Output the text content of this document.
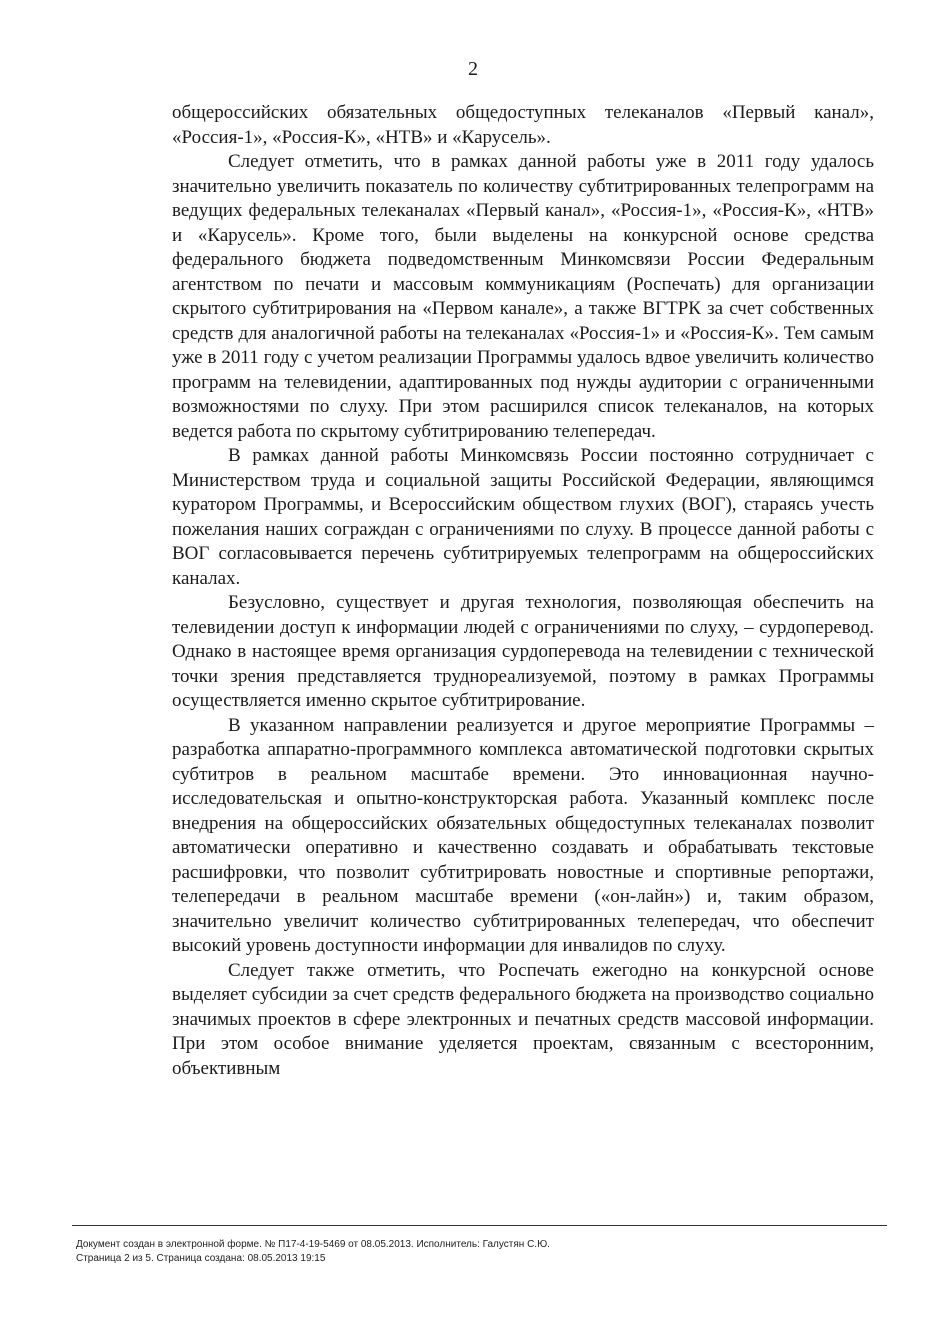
2

общероссийских обязательных общедоступных телеканалов «Первый канал», «Россия-1», «Россия-К», «НТВ» и «Карусель».

Следует отметить, что в рамках данной работы уже в 2011 году удалось значительно увеличить показатель по количеству субтитрированных телепрограмм на ведущих федеральных телеканалах «Первый канал», «Россия-1», «Россия-К», «НТВ» и «Карусель». Кроме того, были выделены на конкурсной основе средства федерального бюджета подведомственным Минкомсвязи России Федеральным агентством по печати и массовым коммуникациям (Роспечать) для организации скрытого субтитрирования на «Первом канале», а также ВГТРК за счет собственных средств для аналогичной работы на телеканалах «Россия-1» и «Россия-К». Тем самым уже в 2011 году с учетом реализации Программы удалось вдвое увеличить количество программ на телевидении, адаптированных под нужды аудитории с ограниченными возможностями по слуху. При этом расширился список телеканалов, на которых ведется работа по скрытому субтитрированию телепередач.

В рамках данной работы Минкомсвязь России постоянно сотрудничает с Министерством труда и социальной защиты Российской Федерации, являющимся куратором Программы, и Всероссийским обществом глухих (ВОГ), стараясь учесть пожелания наших сограждан с ограничениями по слуху. В процессе данной работы с ВОГ согласовывается перечень субтитрируемых телепрограмм на общероссийских каналах.

Безусловно, существует и другая технология, позволяющая обеспечить на телевидении доступ к информации людей с ограничениями по слуху, – сурдоперевод. Однако в настоящее время организация сурдоперевода на телевидении с технической точки зрения представляется труднореализуемой, поэтому в рамках Программы осуществляется именно скрытое субтитрирование.

В указанном направлении реализуется и другое мероприятие Программы – разработка аппаратно-программного комплекса автоматической подготовки скрытых субтитров в реальном масштабе времени. Это инновационная научно-исследовательская и опытно-конструкторская работа. Указанный комплекс после внедрения на общероссийских обязательных общедоступных телеканалах позволит автоматически оперативно и качественно создавать и обрабатывать текстовые расшифровки, что позволит субтитрировать новостные и спортивные репортажи, телепередачи в реальном масштабе времени («он-лайн») и, таким образом, значительно увеличит количество субтитрированных телепередач, что обеспечит высокий уровень доступности информации для инвалидов по слуху.

Следует также отметить, что Роспечать ежегодно на конкурсной основе выделяет субсидии за счет средств федерального бюджета на производство социально значимых проектов в сфере электронных и печатных средств массовой информации. При этом особое внимание уделяется проектам, связанным с всесторонним, объективным

Документ создан в электронной форме. № П17-4-19-5469 от 08.05.2013. Исполнитель: Галустян С.Ю.
Страница 2 из 5. Страница создана: 08.05.2013 19:15
